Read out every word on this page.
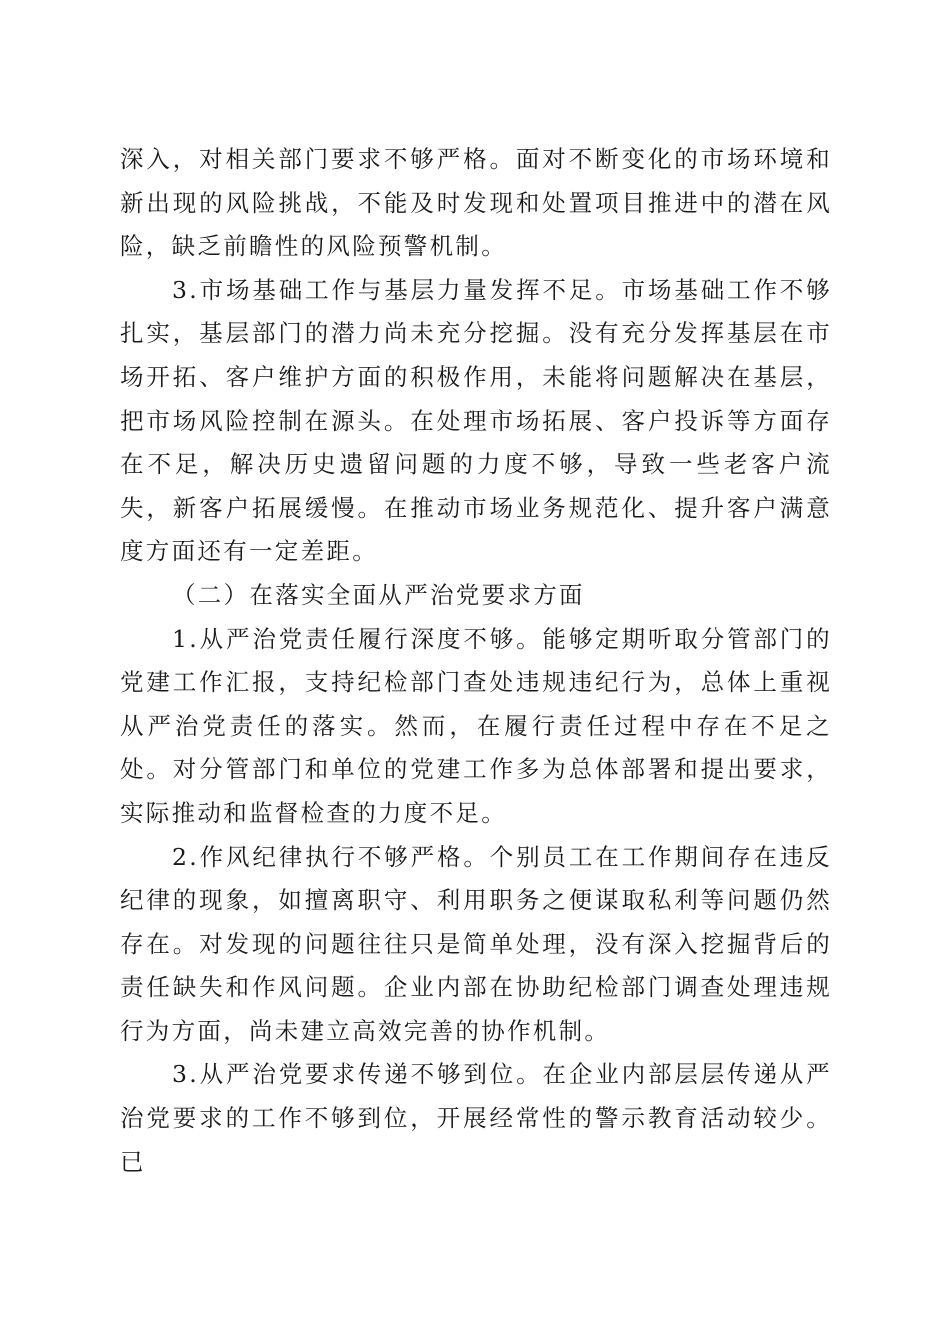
深入，对相关部门要求不够严格。面对不断变化的市场环境和新出现的风险挑战，不能及时发现和处置项目推进中的潜在风险，缺乏前瞻性的风险预警机制。

3.市场基础工作与基层力量发挥不足。市场基础工作不够扎实，基层部门的潜力尚未充分挖掘。没有充分发挥基层在市场开拓、客户维护方面的积极作用，未能将问题解决在基层，把市场风险控制在源头。在处理市场拓展、客户投诉等方面存在不足，解决历史遗留问题的力度不够，导致一些老客户流失，新客户拓展缓慢。在推动市场业务规范化、提升客户满意度方面还有一定差距。

（二）在落实全面从严治党要求方面

1.从严治党责任履行深度不够。能够定期听取分管部门的党建工作汇报，支持纪检部门查处违规违纪行为，总体上重视从严治党责任的落实。然而，在履行责任过程中存在不足之处。对分管部门和单位的党建工作多为总体部署和提出要求，实际推动和监督检查的力度不足。

2.作风纪律执行不够严格。个别员工在工作期间存在违反纪律的现象，如擅离职守、利用职务之便谋取私利等问题仍然存在。对发现的问题往往只是简单处理，没有深入挖掘背后的责任缺失和作风问题。企业内部在协助纪检部门调查处理违规行为方面，尚未建立高效完善的协作机制。

3.从严治党要求传递不够到位。在企业内部层层传递从严治党要求的工作不够到位，开展经常性的警示教育活动较少。已
